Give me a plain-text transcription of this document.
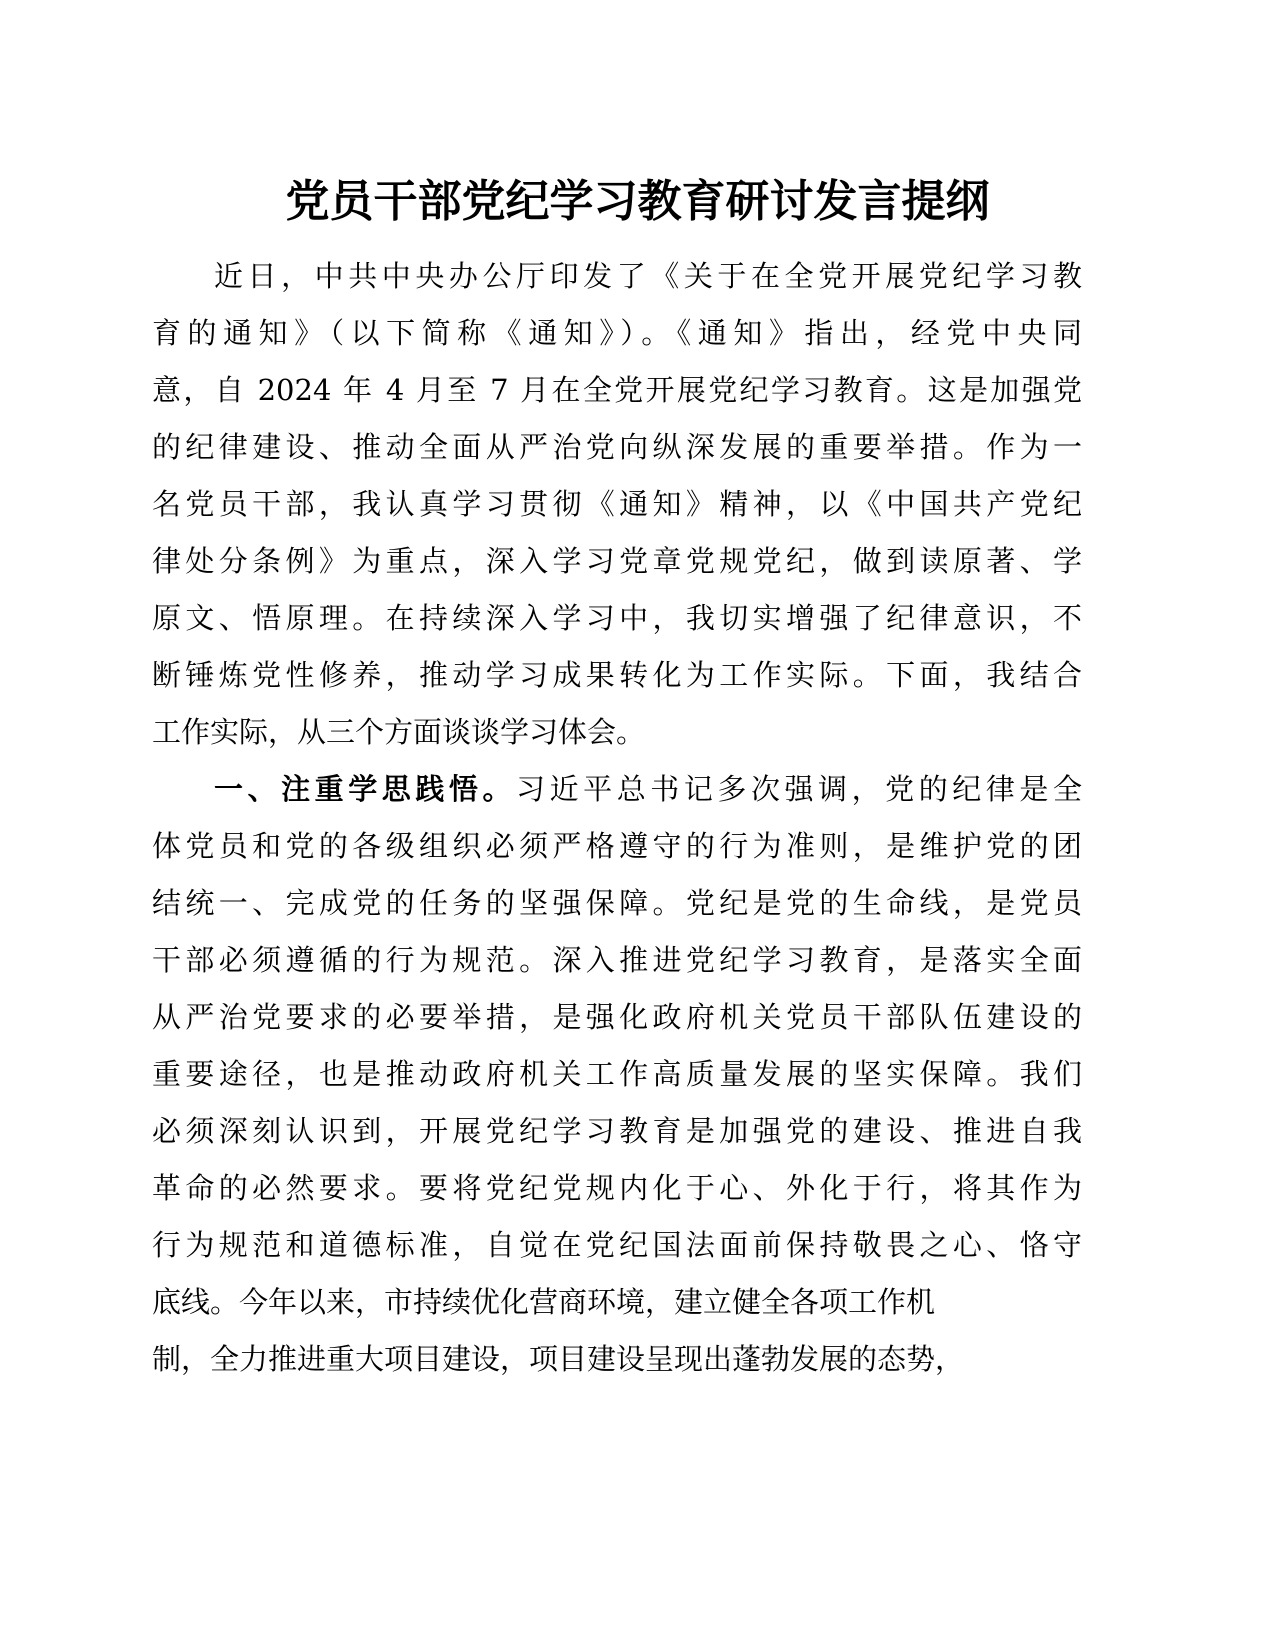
党员干部党纪学习教育研讨发言提纲
近日，中共中央办公厅印发了《关于在全党开展党纪学习教
育的通知》（以下简称《通知》）。《通知》指出，经党中央同
意，自 2024 年 4 月至 7 月在全党开展党纪学习教育。这是加强党
的纪律建设、推动全面从严治党向纵深发展的重要举措。作为一
名党员干部，我认真学习贯彻《通知》精神，以《中国共产党纪
律处分条例》为重点，深入学习党章党规党纪，做到读原著、学
原文、悟原理。在持续深入学习中，我切实增强了纪律意识，不
断锤炼党性修养，推动学习成果转化为工作实际。下面，我结合
工作实际，从三个方面谈谈学习体会。
一、注重学思践悟。习近平总书记多次强调，党的纪律是全
体党员和党的各级组织必须严格遵守的行为准则，是维护党的团
结统一、完成党的任务的坚强保障。党纪是党的生命线，是党员
干部必须遵循的行为规范。深入推进党纪学习教育，是落实全面
从严治党要求的必要举措，是强化政府机关党员干部队伍建设的
重要途径，也是推动政府机关工作高质量发展的坚实保障。我们
必须深刻认识到，开展党纪学习教育是加强党的建设、推进自我
革命的必然要求。要将党纪党规内化于心、外化于行，将其作为
行为规范和道德标准，自觉在党纪国法面前保持敬畏之心、恪守
底线。今年以来，市持续优化营商环境，建立健全各项工作机
制，全力推进重大项目建设，项目建设呈现出蓬勃发展的态势，
